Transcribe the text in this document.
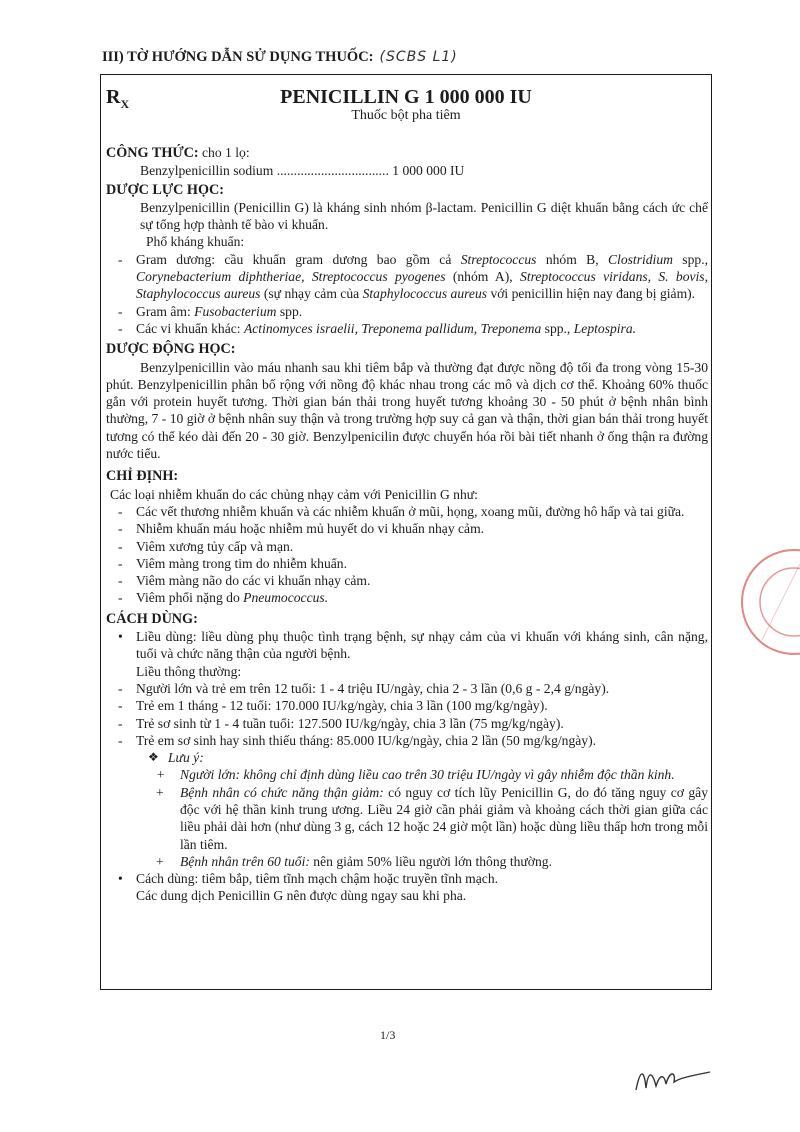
III) TỜ HƯỚNG DẪN SỬ DỤNG THUỐC: (SCBS L1)
$R_X$	PENICILLIN G 1 000 000 IU
Thuốc bột pha tiêm
CÔNG THỨC: cho 1 lọ:
Benzylpenicillin sodium ................................. 1 000 000 IU
DƯỢC LỰC HỌC:
Benzylpenicillin (Penicillin G) là kháng sinh nhóm β-lactam. Penicillin G diệt khuẩn bằng cách ức chế sự tổng hợp thành tế bào vi khuẩn.
Phổ kháng khuẩn:
- Gram dương: cầu khuẩn gram dương bao gồm cả Streptococcus nhóm B, Clostridium spp., Corynebacterium diphtheriae, Streptococcus pyogenes (nhóm A), Streptococcus viridans, S. bovis, Staphylococcus aureus (sự nhạy cảm của Staphylococcus aureus với penicillin hiện nay đang bị giảm).
- Gram âm: Fusobacterium spp.
- Các vi khuẩn khác: Actinomyces israelii, Treponema pallidum, Treponema spp., Leptospira.
DƯỢC ĐỘNG HỌC:
Benzylpenicillin vào máu nhanh sau khi tiêm bắp và thường đạt được nồng độ tối đa trong vòng 15-30 phút. Benzylpenicillin phân bố rộng với nồng độ khác nhau trong các mô và dịch cơ thể. Khoảng 60% thuốc gắn với protein huyết tương. Thời gian bán thải trong huyết tương khoảng 30 - 50 phút ở bệnh nhân bình thường, 7 - 10 giờ ở bệnh nhân suy thận và trong trường hợp suy cả gan và thận, thời gian bán thải trong huyết tương có thể kéo dài đến 20 - 30 giờ. Benzylpenicilin được chuyển hóa rồi bài tiết nhanh ở ống thận ra đường nước tiểu.
CHỈ ĐỊNH:
Các loại nhiễm khuẩn do các chủng nhạy cảm với Penicillin G như:
- Các vết thương nhiễm khuẩn và các nhiễm khuẩn ở mũi, họng, xoang mũi, đường hô hấp và tai giữa.
- Nhiễm khuẩn máu hoặc nhiễm mủ huyết do vi khuẩn nhạy cảm.
- Viêm xương tủy cấp và mạn.
- Viêm màng trong tim do nhiễm khuẩn.
- Viêm màng não do các vi khuẩn nhạy cảm.
- Viêm phổi nặng do Pneumococcus.
CÁCH DÙNG:
• Liều dùng: liều dùng phụ thuộc tình trạng bệnh, sự nhạy cảm của vi khuẩn với kháng sinh, cân nặng, tuổi và chức năng thận của người bệnh.
Liều thông thường:
- Người lớn và trẻ em trên 12 tuổi: 1 - 4 triệu IU/ngày, chia 2 - 3 lần (0,6 g - 2,4 g/ngày).
- Trẻ em 1 tháng - 12 tuổi: 170.000 IU/kg/ngày, chia 3 lần (100 mg/kg/ngày).
- Trẻ sơ sinh từ 1 - 4 tuần tuổi: 127.500 IU/kg/ngày, chia 3 lần (75 mg/kg/ngày).
- Trẻ em sơ sinh hay sinh thiếu tháng: 85.000 IU/kg/ngày, chia 2 lần (50 mg/kg/ngày).
❖ Lưu ý:
+ Người lớn: không chỉ định dùng liều cao trên 30 triệu IU/ngày vì gây nhiễm độc thần kinh.
+ Bệnh nhân có chức năng thận giảm: có nguy cơ tích lũy Penicillin G, do đó tăng nguy cơ gây độc với hệ thần kinh trung ương. Liều 24 giờ cần phải giảm và khoảng cách thời gian giữa các liều phải dài hơn (như dùng 3 g, cách 12 hoặc 24 giờ một lần) hoặc dùng liều thấp hơn trong mỗi lần tiêm.
+ Bệnh nhân trên 60 tuổi: nên giảm 50% liều người lớn thông thường.
• Cách dùng: tiêm bắp, tiêm tĩnh mạch chậm hoặc truyền tĩnh mạch.
Các dung dịch Penicillin G nên được dùng ngay sau khi pha.
1/3
